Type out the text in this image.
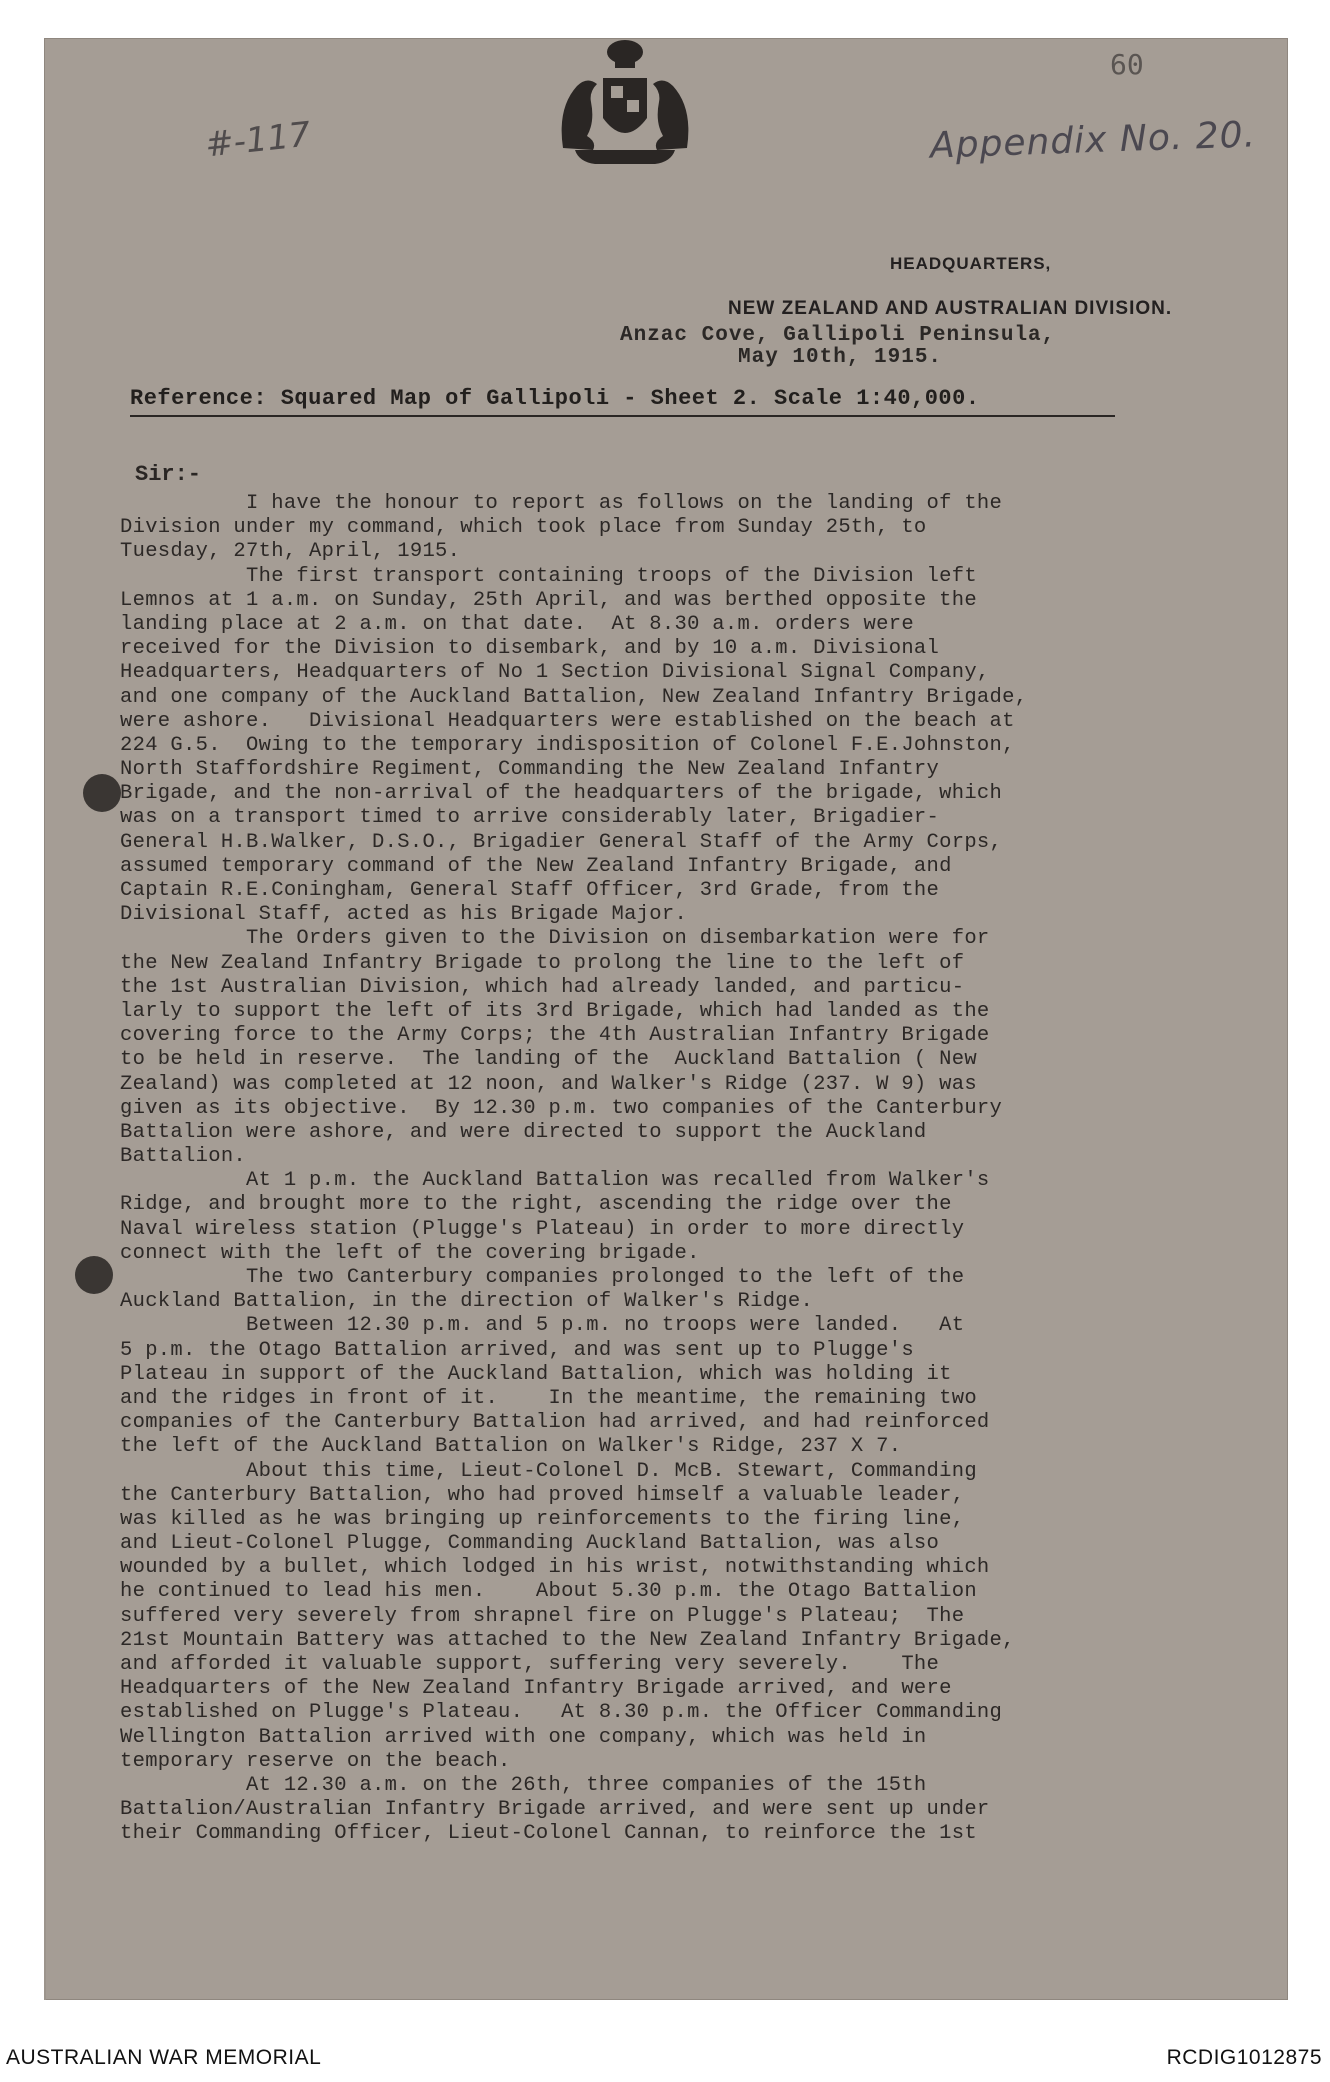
#-117
60
Appendix No. 20.
HEADQUARTERS,
NEW ZEALAND AND AUSTRALIAN DIVISION.
Anzac Cove, Gallipoli Peninsula,
May 10th, 1915.
Reference: Squared Map of Gallipoli - Sheet 2. Scale 1:40,000.
Sir:-
I have the honour to report as follows on the landing of the
Division under my command, which took place from Sunday 25th, to
Tuesday, 27th, April, 1915.
The first transport containing troops of the Division left
Lemnos at 1 a.m. on Sunday, 25th April, and was berthed opposite the
landing place at 2 a.m. on that date.  At 8.30 a.m. orders were
received for the Division to disembark, and by 10 a.m. Divisional
Headquarters, Headquarters of No 1 Section Divisional Signal Company,
and one company of the Auckland Battalion, New Zealand Infantry Brigade,
were ashore.   Divisional Headquarters were established on the beach at
224 G.5.  Owing to the temporary indisposition of Colonel F.E.Johnston,
North Staffordshire Regiment, Commanding the New Zealand Infantry
Brigade, and the non-arrival of the headquarters of the brigade, which
was on a transport timed to arrive considerably later, Brigadier-
General H.B.Walker, D.S.O., Brigadier General Staff of the Army Corps,
assumed temporary command of the New Zealand Infantry Brigade, and
Captain R.E.Coningham, General Staff Officer, 3rd Grade, from the
Divisional Staff, acted as his Brigade Major.
The Orders given to the Division on disembarkation were for
the New Zealand Infantry Brigade to prolong the line to the left of
the 1st Australian Division, which had already landed, and particu-
larly to support the left of its 3rd Brigade, which had landed as the
covering force to the Army Corps; the 4th Australian Infantry Brigade
to be held in reserve.  The landing of the  Auckland Battalion ( New
Zealand) was completed at 12 noon, and Walker's Ridge (237. W 9) was
given as its objective.  By 12.30 p.m. two companies of the Canterbury
Battalion were ashore, and were directed to support the Auckland
Battalion.
At 1 p.m. the Auckland Battalion was recalled from Walker's
Ridge, and brought more to the right, ascending the ridge over the
Naval wireless station (Plugge's Plateau) in order to more directly
connect with the left of the covering brigade.
The two Canterbury companies prolonged to the left of the
Auckland Battalion, in the direction of Walker's Ridge.
Between 12.30 p.m. and 5 p.m. no troops were landed.   At
5 p.m. the Otago Battalion arrived, and was sent up to Plugge's
Plateau in support of the Auckland Battalion, which was holding it
and the ridges in front of it.    In the meantime, the remaining two
companies of the Canterbury Battalion had arrived, and had reinforced
the left of the Auckland Battalion on Walker's Ridge, 237 X 7.
About this time, Lieut-Colonel D. McB. Stewart, Commanding
the Canterbury Battalion, who had proved himself a valuable leader,
was killed as he was bringing up reinforcements to the firing line,
and Lieut-Colonel Plugge, Commanding Auckland Battalion, was also
wounded by a bullet, which lodged in his wrist, notwithstanding which
he continued to lead his men.    About 5.30 p.m. the Otago Battalion
suffered very severely from shrapnel fire on Plugge's Plateau;  The
21st Mountain Battery was attached to the New Zealand Infantry Brigade,
and afforded it valuable support, suffering very severely.    The
Headquarters of the New Zealand Infantry Brigade arrived, and were
established on Plugge's Plateau.   At 8.30 p.m. the Officer Commanding
Wellington Battalion arrived with one company, which was held in
temporary reserve on the beach.
At 12.30 a.m. on the 26th, three companies of the 15th
Battalion/Australian Infantry Brigade arrived, and were sent up under
their Commanding Officer, Lieut-Colonel Cannan, to reinforce the 1st
AUSTRALIAN WAR MEMORIAL	RCDIG1012875
